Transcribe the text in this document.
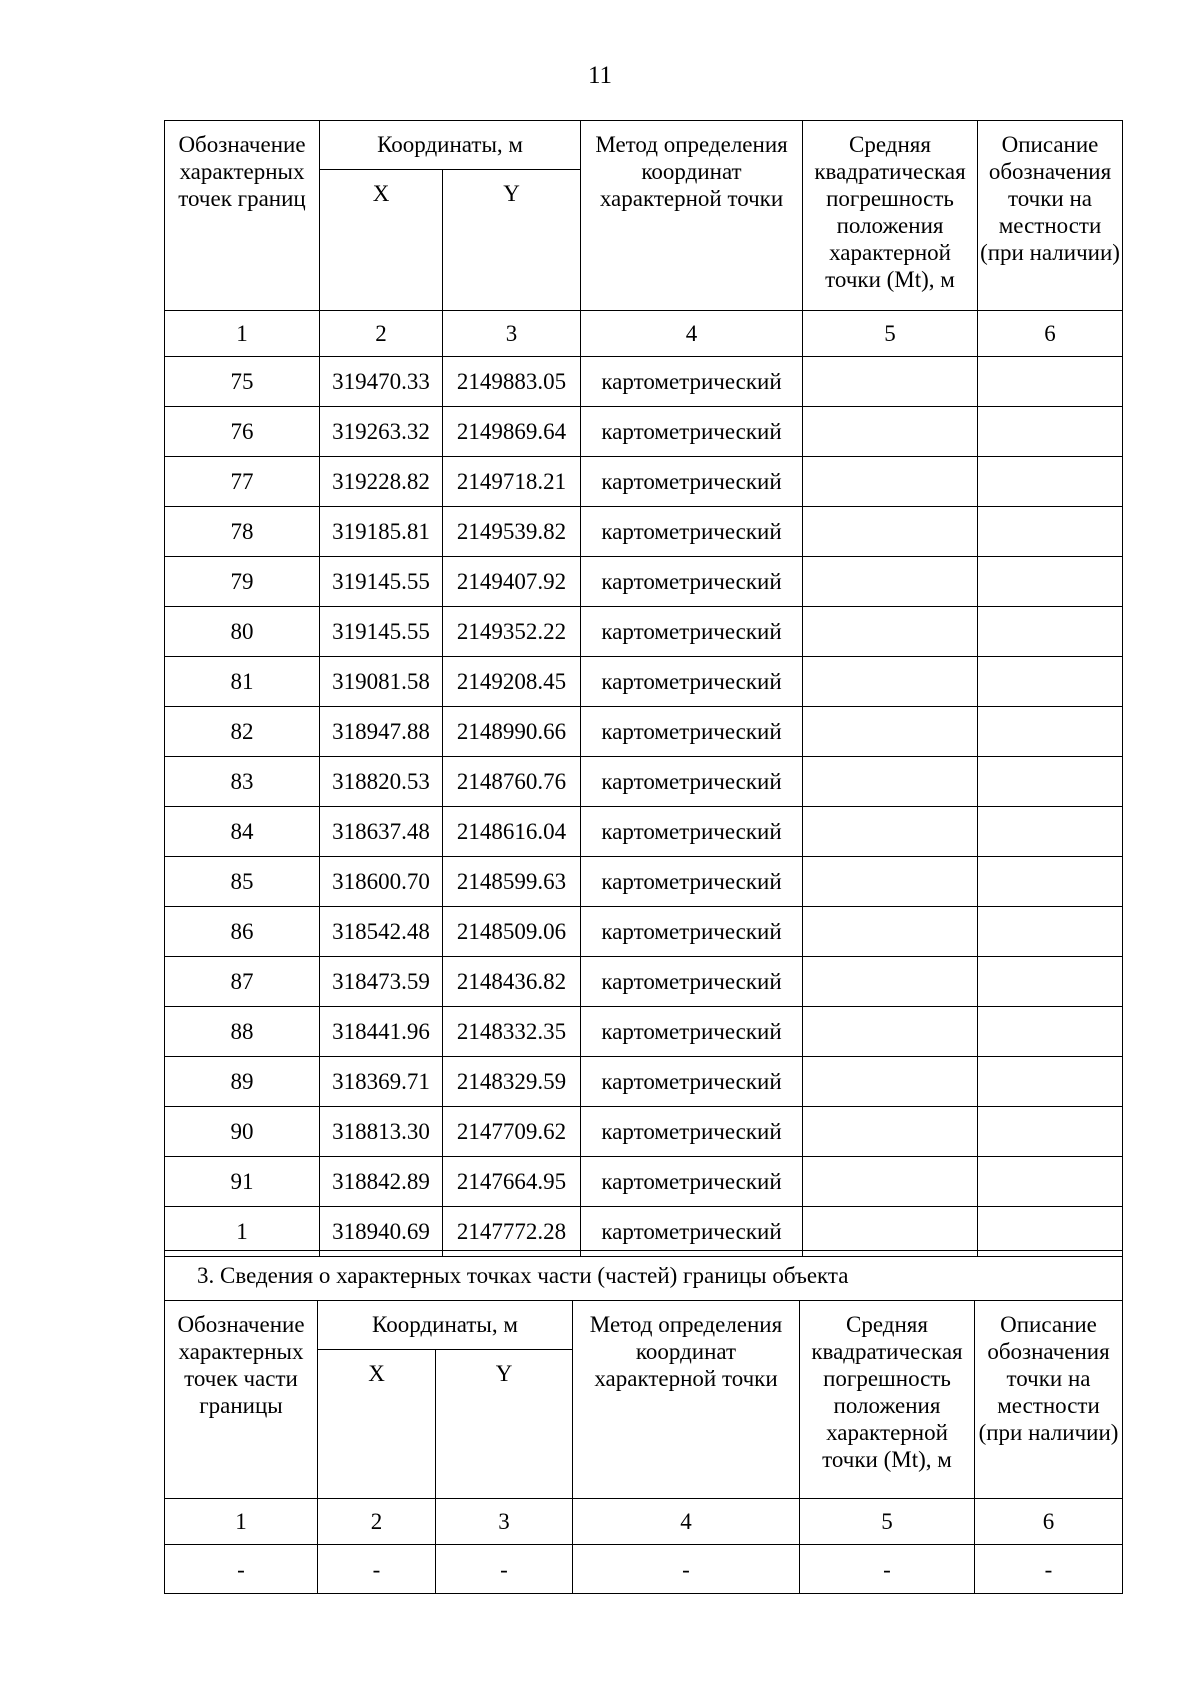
11
Обозначение характерных точек границ	Координаты, м		Метод определения координат характерной точки	Средняя квадратическая погрешность положения характерной точки (Mt), м	Описание обозначения точки на местности (при наличии)
	X	Y			
1	2	3	4	5	6
75	319470.33	2149883.05	картометрический		
76	319263.32	2149869.64	картометрический		
77	319228.82	2149718.21	картометрический		
78	319185.81	2149539.82	картометрический		
79	319145.55	2149407.92	картометрический		
80	319145.55	2149352.22	картометрический		
81	319081.58	2149208.45	картометрический		
82	318947.88	2148990.66	картометрический		
83	318820.53	2148760.76	картометрический		
84	318637.48	2148616.04	картометрический		
85	318600.70	2148599.63	картометрический		
86	318542.48	2148509.06	картометрический		
87	318473.59	2148436.82	картометрический		
88	318441.96	2148332.35	картометрический		
89	318369.71	2148329.59	картометрический		
90	318813.30	2147709.62	картометрический		
91	318842.89	2147664.95	картометрический		
1	318940.69	2147772.28	картометрический		
3. Сведения о характерных точках части (частей) границы объекта					
Обозначение характерных точек части границы	Координаты, м		Метод определения координат характерной точки	Средняя квадратическая погрешность положения характерной точки (Mt), м	Описание обозначения точки на местности (при наличии)
	X	Y			
1	2	3	4	5	6
-	-	-	-	-	-
